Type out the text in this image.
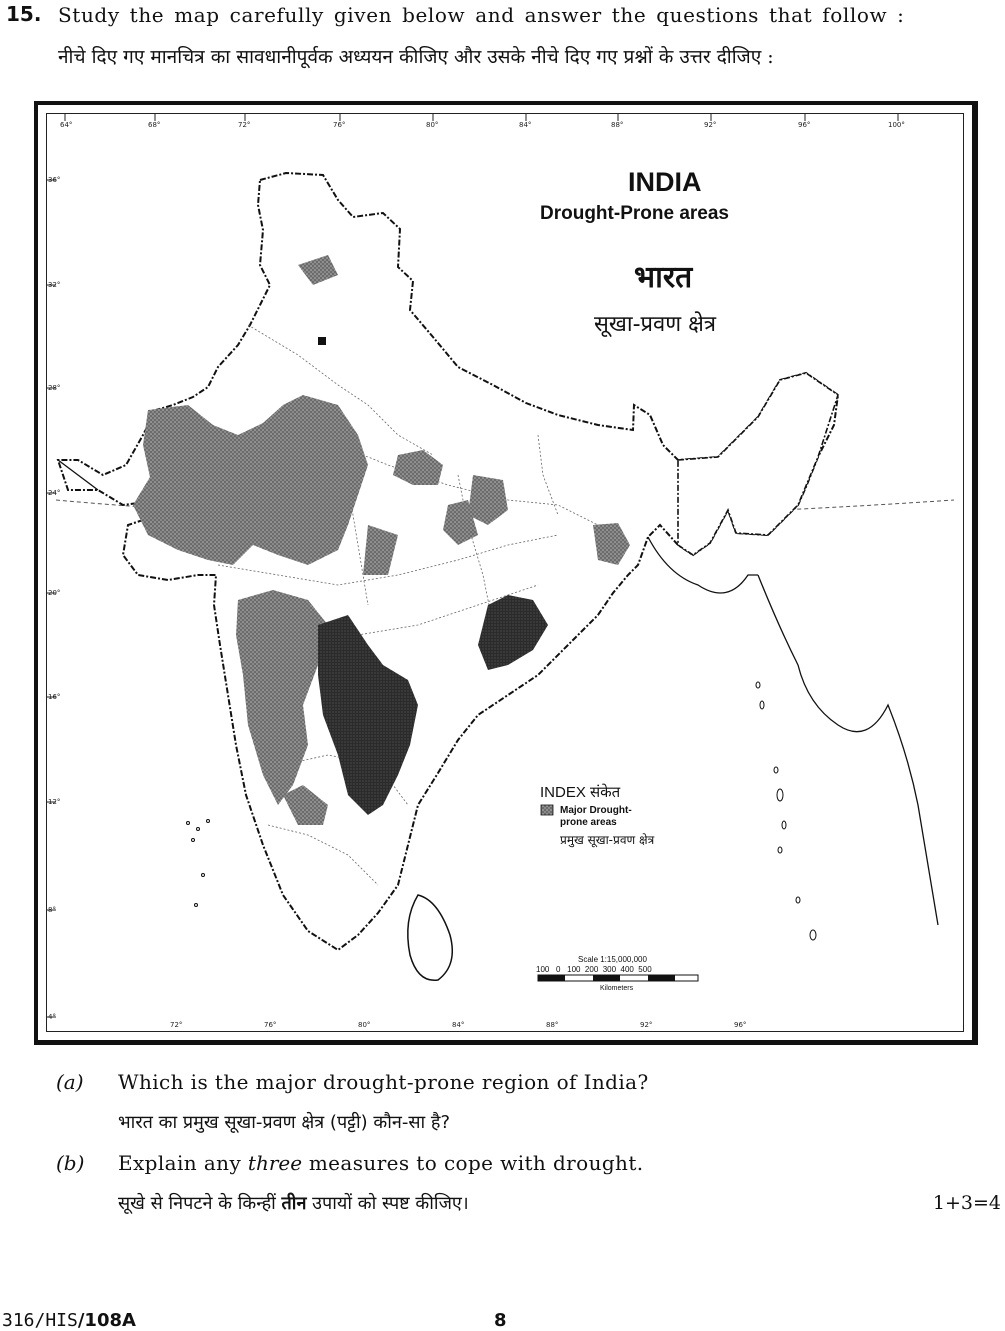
15. Study the map carefully given below and answer the questions that follow :
नीचे दिए गए मानचित्र का सावधानीपूर्वक अध्ययन कीजिए और उसके नीचे दिए गए प्रश्नों के उत्तर दीजिए :
64°	68°	72°	76°	80°	84°	88°	92°	96°	100°
72°	76°	80°	84°	88°	92°	96°
36°
32°
28°
24°
20°
16°
12°
8°
4°
INDIA
Drought-Prone areas
भारत
सूखा-प्रवण क्षेत्र
INDEX संकेत
Major Drought-
prone areas
प्रमुख सूखा-प्रवण क्षेत्र
Scale 1:15,000,000
100   0   100  200  300  400  500
Kilometers
(a) Which is the major drought-prone region of India?
भारत का प्रमुख सूखा-प्रवण क्षेत्र (पट्टी) कौन-सा है?
(b) Explain any three measures to cope with drought.
सूखे से निपटने के किन्हीं तीन उपायों को स्पष्ट कीजिए।	1+3=4
316/HIS/108A	8
